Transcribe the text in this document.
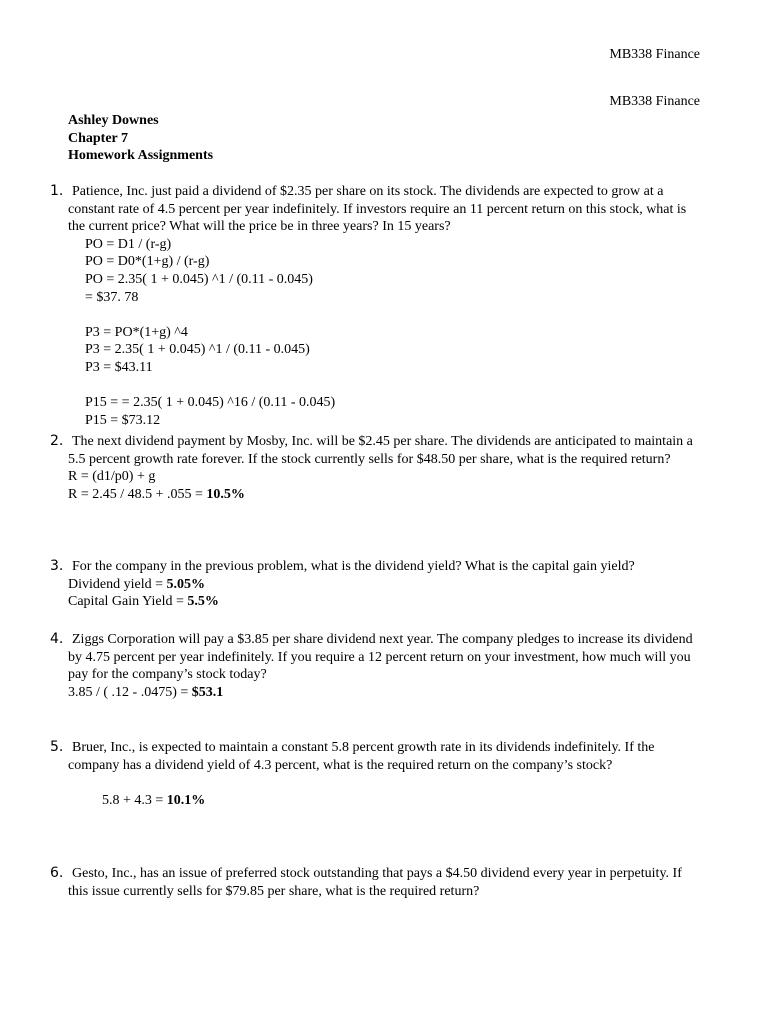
MB338 Finance
MB338 Finance
Ashley Downes
Chapter 7
Homework Assignments
1. Patience, Inc. just paid a dividend of $2.35 per share on its stock. The dividends are expected to grow at a constant rate of 4.5 percent per year indefinitely. If investors require an 11 percent return on this stock, what is the current price? What will the price be in three years? In 15 years?
PO = D1 / (r-g)
PO = D0*(1+g) / (r-g)
PO = 2.35( 1 + 0.045) ^1 / (0.11 - 0.045)
= $37. 78
P3 = PO*(1+g) ^4
P3 = 2.35( 1 + 0.045) ^1 / (0.11 - 0.045)
P3 = $43.11
P15 = = 2.35( 1 + 0.045) ^16 / (0.11 - 0.045)
P15 = $73.12
2. The next dividend payment by Mosby, Inc. will be $2.45 per share. The dividends are anticipated to maintain a 5.5 percent growth rate forever. If the stock currently sells for $48.50 per share, what is the required return?
R = (d1/p0) + g
R = 2.45 / 48.5 + .055 = 10.5%
3. For the company in the previous problem, what is the dividend yield? What is the capital gain yield?
Dividend yield = 5.05%
Capital Gain Yield = 5.5%
4. Ziggs Corporation will pay a $3.85 per share dividend next year. The company pledges to increase its dividend by 4.75 percent per year indefinitely. If you require a 12 percent return on your investment, how much will you pay for the company’s stock today?
3.85 / ( .12 - .0475) = $53.1
5. Bruer, Inc., is expected to maintain a constant 5.8 percent growth rate in its dividends indefinitely. If the company has a dividend yield of 4.3 percent, what is the required return on the company’s stock?
5.8 + 4.3 = 10.1%
6. Gesto, Inc., has an issue of preferred stock outstanding that pays a $4.50 dividend every year in perpetuity. If this issue currently sells for $79.85 per share, what is the required return?
